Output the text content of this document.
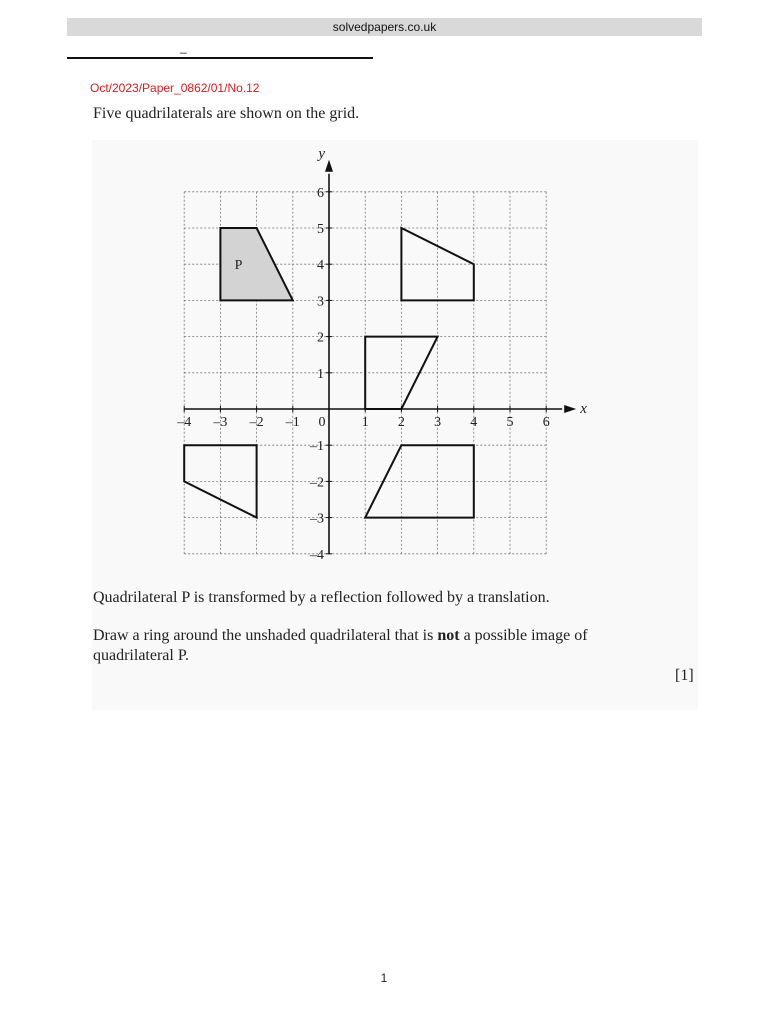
solvedpapers.co.uk
_
Oct/2023/Paper_0862/01/No.12
Five quadrilaterals are shown on the grid.
P
x
y
–4 –3 –2 –1 0	1 2 3 4 5 6
6
5
4
3
2
1
–1
–2
–3
–4
Quadrilateral P is transformed by a reflection followed by a translation.
Draw a ring around the unshaded quadrilateral that is not a possible image of quadrilateral P.
[1]
1
